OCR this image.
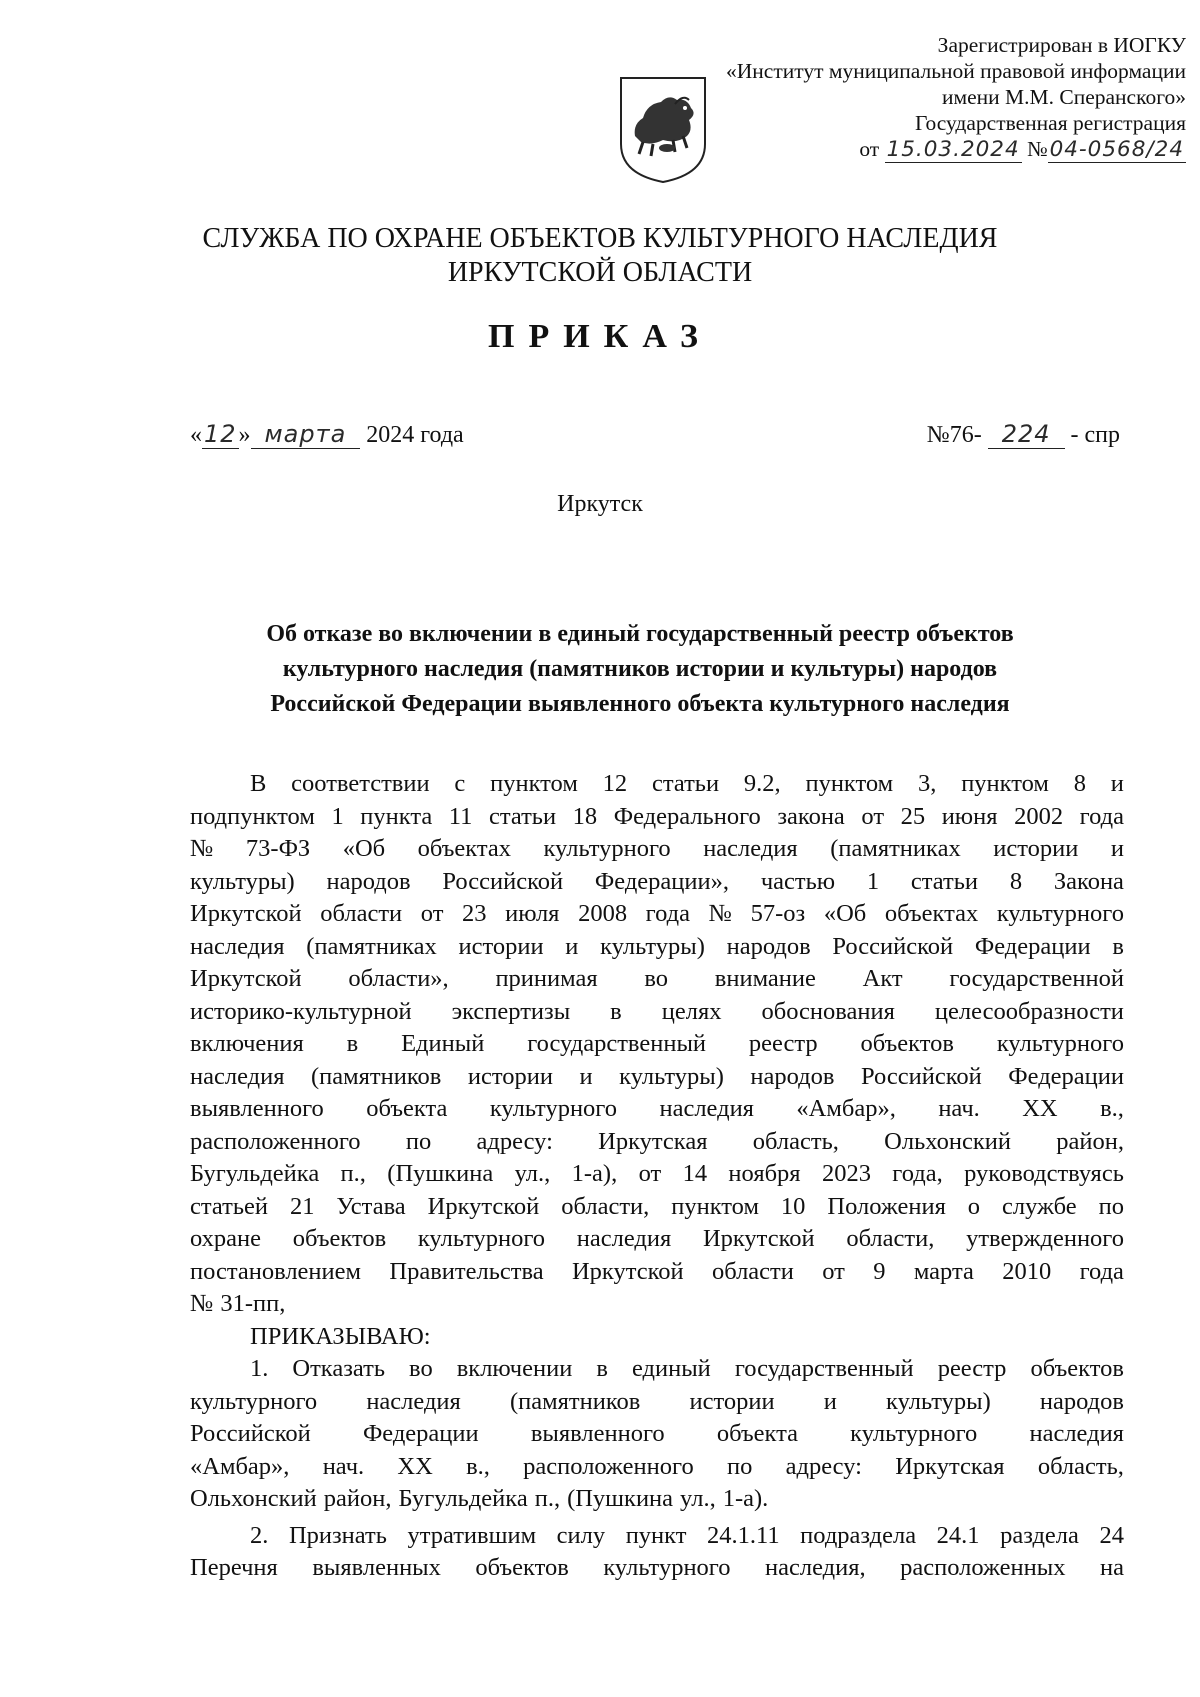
Зарегистрирован в ИОГКУ
«Институт муниципальной правовой информации
имени М.М. Сперанского»
Государственная регистрация
от 15.03.2024 №04-0568/24
СЛУЖБА ПО ОХРАНЕ ОБЪЕКТОВ КУЛЬТУРНОГО НАСЛЕДИЯ
ИРКУТСКОЙ ОБЛАСТИ
ПРИКАЗ
«12» марта 2024 года	№76- 224 - спр
Иркутск
Об отказе во включении в единый государственный реестр объектов
культурного наследия (памятников истории и культуры) народов
Российской Федерации выявленного объекта культурного наследия
В соответствии с пунктом 12 статьи 9.2, пунктом 3, пунктом 8 и
подпунктом 1 пункта 11 статьи 18 Федерального закона от 25 июня 2002 года
№ 73-ФЗ «Об объектах культурного наследия (памятниках истории и
культуры) народов Российской Федерации», частью 1 статьи 8 Закона
Иркутской области от 23 июля 2008 года № 57-оз «Об объектах культурного
наследия (памятниках истории и культуры) народов Российской Федерации в
Иркутской области», принимая во внимание Акт государственной
историко-культурной экспертизы в целях обоснования целесообразности
включения в Единый государственный реестр объектов культурного
наследия (памятников истории и культуры) народов Российской Федерации
выявленного объекта культурного наследия «Амбар», нач. XX в.,
расположенного по адресу: Иркутская область, Ольхонский район,
Бугульдейка п., (Пушкина ул., 1-а), от 14 ноября 2023 года, руководствуясь
статьей 21 Устава Иркутской области, пунктом 10 Положения о службе по
охране объектов культурного наследия Иркутской области, утвержденного
постановлением Правительства Иркутской области от 9 марта 2010 года
№ 31-пп,
ПРИКАЗЫВАЮ:
1. Отказать во включении в единый государственный реестр объектов
культурного наследия (памятников истории и культуры) народов
Российской Федерации выявленного объекта культурного наследия
«Амбар», нач. XX в., расположенного по адресу: Иркутская область,
Ольхонский район, Бугульдейка п., (Пушкина ул., 1-а).
2. Признать утратившим силу пункт 24.1.11 подраздела 24.1 раздела 24
Перечня выявленных объектов культурного наследия, расположенных на
